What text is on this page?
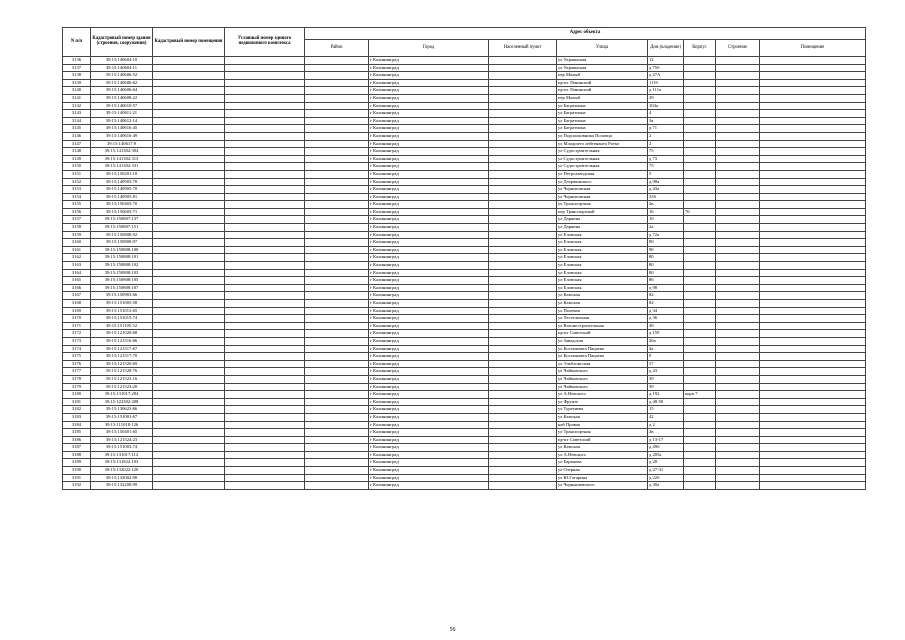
N п/п	Кадастровый номер здания (строения, сооружения)	Кадастровый номер помещения	Условный номер единого недвижимого комплекса	Адрес объекта							
				Район	Город	Населенный пункт	Улица	Дом (владение)	Корпус	Строение	Помещение
3136	39:15:140604:10				г Калининград		ул Украинская	12			
3137	39:15:140604:11				г Калининград		ул Украинская	д 75б			
3138	39:15:140606:52				г Калининград		пер Малый	д 27А			
3139	39:15:140606:62				г Калининград		пр-кт Ленинский	111б			
3140	39:15:140606:64				г Калининград		пр-кт Ленинский	д 111а			
3141	39:15:140608:22				г Калининград		пер Малый	29			
3142	39:15:140610:57				г Калининград		ул Багратиона	104а			
3143	39:15:140611:21				г Калининград		ул Багратиона	4			
3144	39:15:140612:14				г Калининград		ул Багратиона	3а			
3145	39:15:140616:45				г Калининград		ул Багратиона	д 71			
3146	39:15:140616:49				г Калининград		ул Подполковника Половца	2			
3147	39:15:140617:9				г Калининград		ул Младшего лейтенанта Ротко	2			
3148	39:15:141302:304				г Калининград		ул Судостроительная	75			
3149	39:15:141302:313				г Калининград		ул Судостроительная	д 73			
3150	39:15:141302:331				г Калининград		ул Судостроительная	75			
3151	39:15:150201:18				г Калининград		ул Петрозаводская	5			
3152	39:15:140903:70				г Калининград		ул Дзержинского	д 98а			
3153	39:15:140905:70				г Калининград		ул Черниговская	д 43а			
3154	39:15:140905:81				г Калининград		ул Черниговская	33б			
3155	39:15:150403:70				г Калининград		ул Транспортная	2в			
3156	39:15:150603:71				г Калининград		пер Транспортный	16	76		
3157	39:15:150807:137				г Калининград		ул Дарвина	10			
3158	39:15:150807:151				г Калининград		ул Дарвина	2а			
3159	39:15:150808:92				г Калининград		ул Еловская	д 72а			
3160	39:15:150808:97				г Калининград		ул Еловская	80			
3161	39:15:150808:100				г Калининград		ул Еловская	90			
3162	39:15:150808:101				г Калининград		ул Еловская	80			
3163	39:15:150808:102				г Калининград		ул Еловская	80			
3164	39:15:150808:103				г Калининград		ул Еловская	80			
3165	39:15:150808:105				г Калининград		ул Еловская	86			
3166	39:15:150808:107				г Калининград		ул Еловская	д 98			
3167	39:15:150903:66				г Калининград		ул Камская	82			
3168	39:15:151005:58				г Калининград		ул Камская	82			
3169	39:15:151013:65				г Калининград		ул Полевая	д 34			
3170	39:15:151015:74				г Калининград		ул Лесопильная	д 36			
3171	39:15:151105:52				г Калининград		ул Вагоностроительная	49			
3172	39:15:121020:68				г Калининград		пр-кт Советский	д 159			
3173	39:15:121516:66				г Калининград		ул Заводская	26а			
3174	39:15:121517:67				г Калининград		ул Космонавта Пацаева	4а			
3175	39:15:121517:70				г Калининград		ул Космонавта Пацаева	9			
3176	39:15:121520:69				г Калининград		ул Эльблонгская	57			
3177	39:15:121528:76				г Калининград		ул Чайковского	д 43			
3178	39:15:121523:16				г Калининград		ул Чайковского	39			
3179	39:15:121523:20				г Калининград		ул Чайковского	39			
3180	39:15:131017:284				г Калининград		ул А.Невского	д 192	корп 7		
3181	39:15:122302:208				г Калининград		ул Фрунзе	д 48-50			
3182	39:15:130623:66				г Калининград		ул Тургенева	15			
3183	39:15:151001:67				г Калининград		ул Камская	42			
3184	39:15:111018:126				г Калининград		наб Правая	д 2			
3185	39:15:150401:65				г Калининград		ул Транспортная	2в			
3186	39:15:121524:23				г Калининград		пр-кт Советский	д 13-17			
3187	39:15:151003:74				г Калининград		ул Камская	д 49б			
3188	39:15:131017:112				г Калининград		ул А.Невского	д 205а			
3189	39:15:131822:103				г Калининград		ул Баранова	д 28			
3190	39:15:132022:120				г Калининград		ул Озерная	д 27-31			
3191	39:15:132002:90				г Калининград		ул Ю.Гагарина	д 22б			
3192	39:15:132208:99				г Калининград		ул Чернышевского	д 30а			
56
